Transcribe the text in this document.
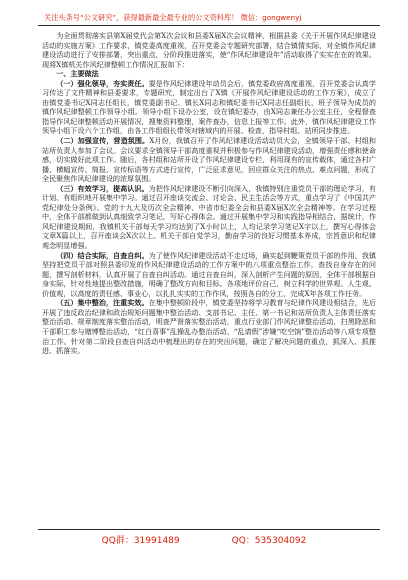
关注头条号“公文研究”，获得最新最全最专业的公文资料库！ 微信：gongwenyj

为全面贯彻落实县第X届党代会第X次会议和县委X届X次会议精神，根据县委《关于开展作风纪律建设活动的实施方案》工作要求，镇党委高度重视，召开党委会专题研究部署，结合镇情实际，对全镇作风纪律建设活动进行了安排部署，突出重点，分阶段推进落实，使“作风纪律建设年”活动取得了实实在在的效果。现将X镇机关作风纪律整顿工作情况汇报如下：

一、主要做法

（一）强化领导，夯实责任。要是作风纪律建设年动员会后，镇党委政府高度重视，召开党委会认真学习传达了文件精神和县委要求，专题研究，制定出台了X镇《开展作风纪律建设活动的工作方案》，成立了由镇党委书记X同志任组长，镇党委副书记、镇长X同志和镇纪委书记X同志任副组长，班子领导为成员的镇作风纪律整顿工作领导小组。领导小组下设办公室，设在镇纪委办，由X同志兼任办公室主任，全程督查指导作风纪律整顿活动开展情况，搜集资料整理，案件查办，信息上报等工作。此外，镇作风纪律建设工作领导小组下设六个工作组，由各工作组组长带领对辖域内的开展、检查，指导村组、站所同步推进。

（二）加强宣传，营造氛围。X月份，我镇召开了作风纪律建设活动动员大会，全镇领导干部、村组和站所负责人参加了会议。会议要求全镇领导干部高度重视并积极参与作风纪律建设活动，增强责任感和使命感，切实做好此项工作。随后，各村组和站所开设了作风纪律建设专栏，利用现有的宣传载体，通过各村广播、横幅宣传、简报、宣传标语等方式进行宣传，广泛征求意见，回应群众关注的热点、难点问题，形成了全民聚焦作风纪律建设的浓厚氛围。

（三）有效学习，提高认识。为把作风纪律建设不断引向深入，我镇特别注重党员干部的理论学习，有计划、有组织地开展集中学习。通过召开座谈交流会、讨论会、民主生活会等方式，重点学习了《中国共产党纪律处分条例》、党的十九大及历次全会精神、中省市纪委全会和县委X届X次全会精神等。在学习过程中，全体干部都做到认真细致学习笔记，写好心得体会。通过开展集中学习和实践指导相结合，据统计，作风纪律建设期间，我镇机关干部每天学习均达到了X小时以上，人均记录学习笔记X字以上，撰写心得体会文章X篇以上，召开座谈会X次以上。机关干部自觉学习，勤奋学习的良好习惯基本养成，宗旨意识和纪律观念明显增强。

（四）结合实际，自查自纠。为了使作风纪律建设活动不走过场，确实起到鞭策党员干部的作用，我镇坚持把党员干部对照县委印发的作风纪律建设活动的工作方案中的八项重点整治工作，查找自身存在的问题，撰写剖析材料，认真开展了自查自纠活动。通过自查自纠，深入剖析产生问题的原因，全体干部根据自身实际，针对性地提出整改措施，明确了整改方向和目标。各项地评价自己，树立科学的世界观、人生观、价值观，以高度的责任感、事业心，以扎扎实实的工作作风，按照各自的分工，完成X年各项工作任务。

（五）集中整治，注重实效。在集中整顿阶段中，镇党委坚持将学习教育与纪律作风建设相结合，先后开展了违反政治纪律和政治规矩问题集中整治活动、支部书记、主任、第一书记和站所负责人主体责任落实整治活动、规章制度落实整治活动，明查严督落实整治活动，重点行业部门作风纪律整治活动，扫黑除恶和干部职工参与赌博整治活动，“红白喜事”乱操乱办整治活动、“乱请假”涉嫌“吃空饷”整治活动等八项专项整治工作。针对第二阶段自查自纠活动中梳理出的存在的突出问题，确定了解决问题的重点，抓深入、抓推进、抓落实。

QQ群：31991489	QQ：535304092
